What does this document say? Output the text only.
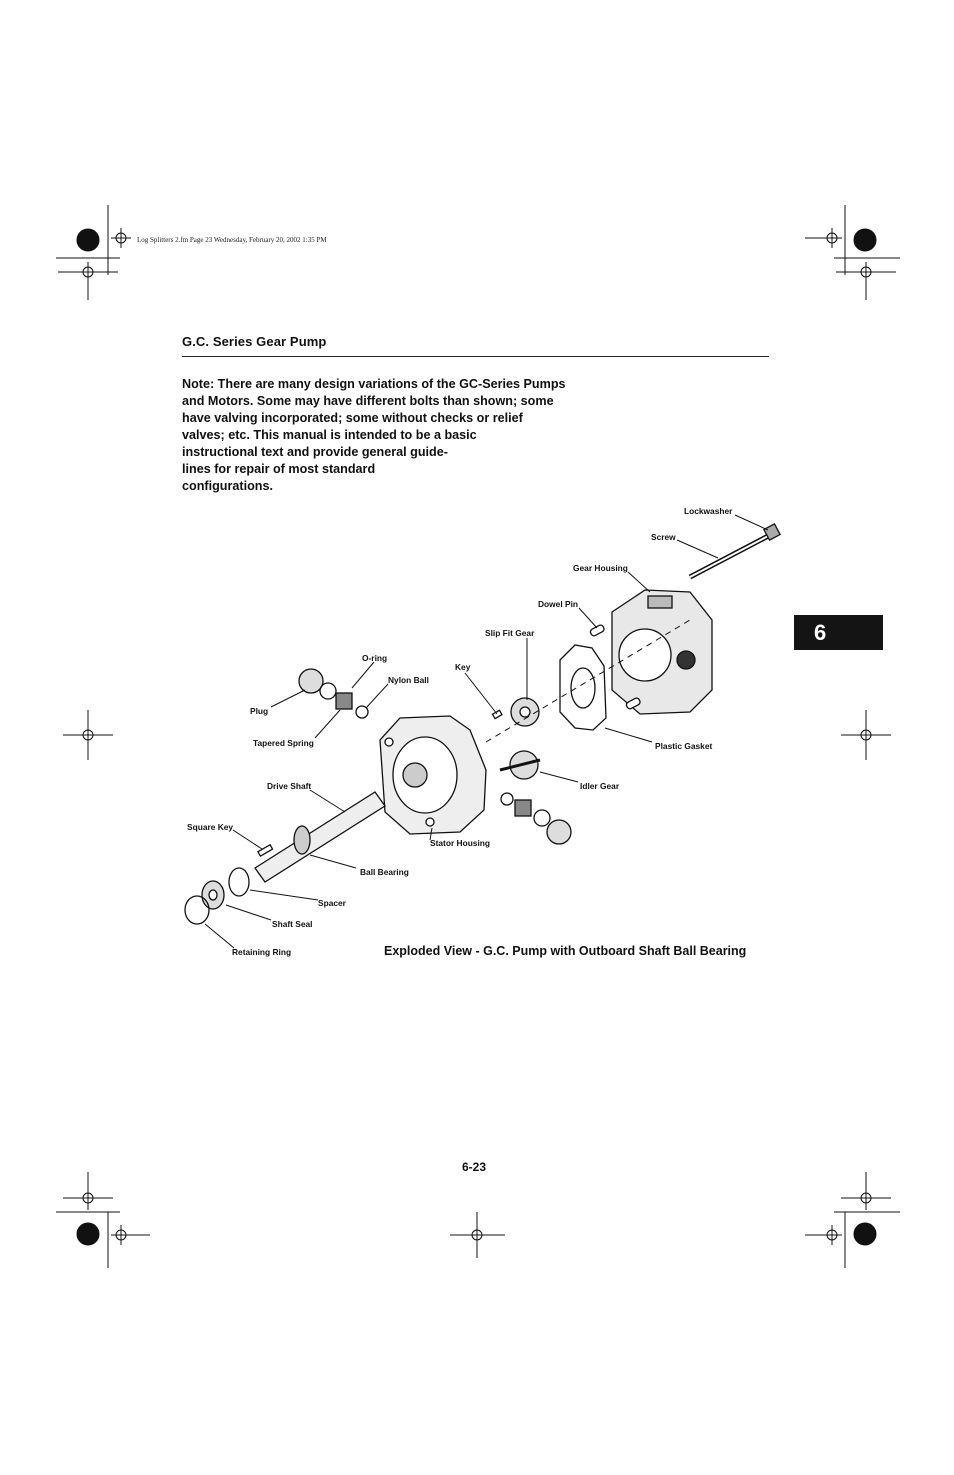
Log Splitters 2.fm Page 23 Wednesday, February 20, 2002 1:35 PM
G.C. Series Gear Pump
Note: There are many design variations of the GC-Series Pumps
and Motors. Some may have different bolts than shown; some
have valving incorporated; some without checks or relief
valves; etc. This manual is intended to be a basic
instructional text and provide general guide-
lines for repair of most standard
configurations.
6
Lockwasher
Screw
Gear Housing
Dowel Pin
Slip Fit Gear
O-ring
Key
Nylon Ball
Plug
Tapered Spring	Plastic Gasket
Drive Shaft	Idler Gear
Square Key
Stator Housing
Ball Bearing
Spacer
Shaft Seal
Retaining Ring	Exploded View - G.C. Pump with Outboard Shaft Ball Bearing
6-23
